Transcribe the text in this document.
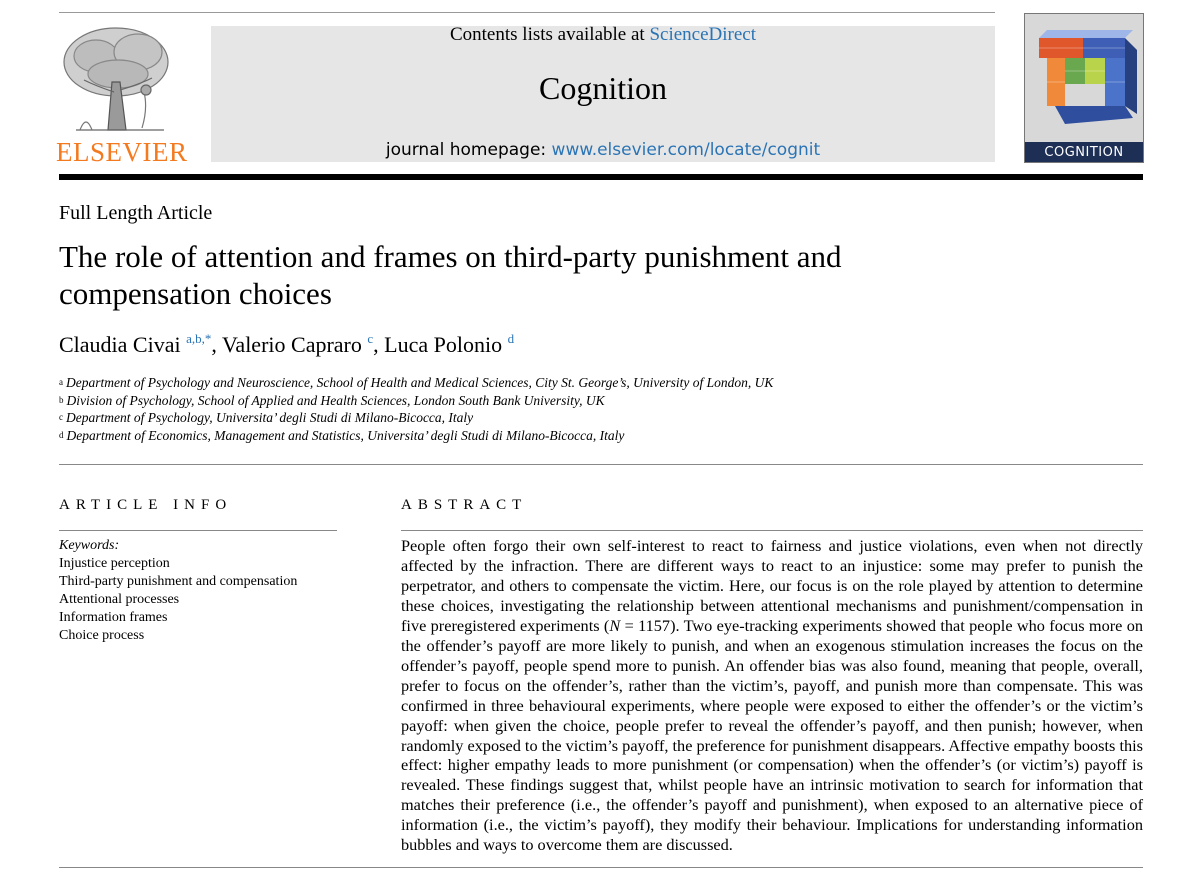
ELSEVIER
Contents lists available at ScienceDirect
Cognition
journal homepage: www.elsevier.com/locate/cognit	COGNITION
Full Length Article
The role of attention and frames on third-party punishment and compensation choices
Claudia Civai $^{a,b,*}$, Valerio Capraro $^c$, Luca Polonio $^d$
$^a$ Department of Psychology and Neuroscience, School of Health and Medical Sciences, City St. George’s, University of London, UK
$^b$ Division of Psychology, School of Applied and Health Sciences, London South Bank University, UK
$^c$ Department of Psychology, Universita’ degli Studi di Milano-Bicocca, Italy
$^d$ Department of Economics, Management and Statistics, Universita’ degli Studi di Milano-Bicocca, Italy
ARTICLE INFO
Keywords:
Injustice perception
Third-party punishment and compensation
Attentional processes
Information frames
Choice process
ABSTRACT
People often forgo their own self-interest to react to fairness and justice violations, even when not directly affected by the infraction. There are different ways to react to an injustice: some may prefer to punish the perpetrator, and others to compensate the victim. Here, our focus is on the role played by attention to determine these choices, investigating the relationship between attentional mechanisms and punishment/compensation in five preregistered experiments (N = 1157). Two eye-tracking experiments showed that people who focus more on the offender’s payoff are more likely to punish, and when an exogenous stimulation increases the focus on the offender’s payoff, people spend more to punish. An offender bias was also found, meaning that people, overall, prefer to focus on the offender’s, rather than the victim’s, payoff, and punish more than compensate. This was confirmed in three behavioural experiments, where people were exposed to either the offender’s or the victim’s payoff: when given the choice, people prefer to reveal the offender’s payoff, and then punish; however, when randomly exposed to the victim’s payoff, the preference for punishment disappears. Affective empathy boosts this effect: higher empathy leads to more punishment (or compensation) when the offender’s (or victim’s) payoff is revealed. These findings suggest that, whilst people have an intrinsic motivation to search for information that matches their preference (i.e., the offender’s payoff and punishment), when exposed to an alternative piece of information (i.e., the victim’s payoff), they modify their behaviour. Implications for understanding information bubbles and ways to overcome them are discussed.
